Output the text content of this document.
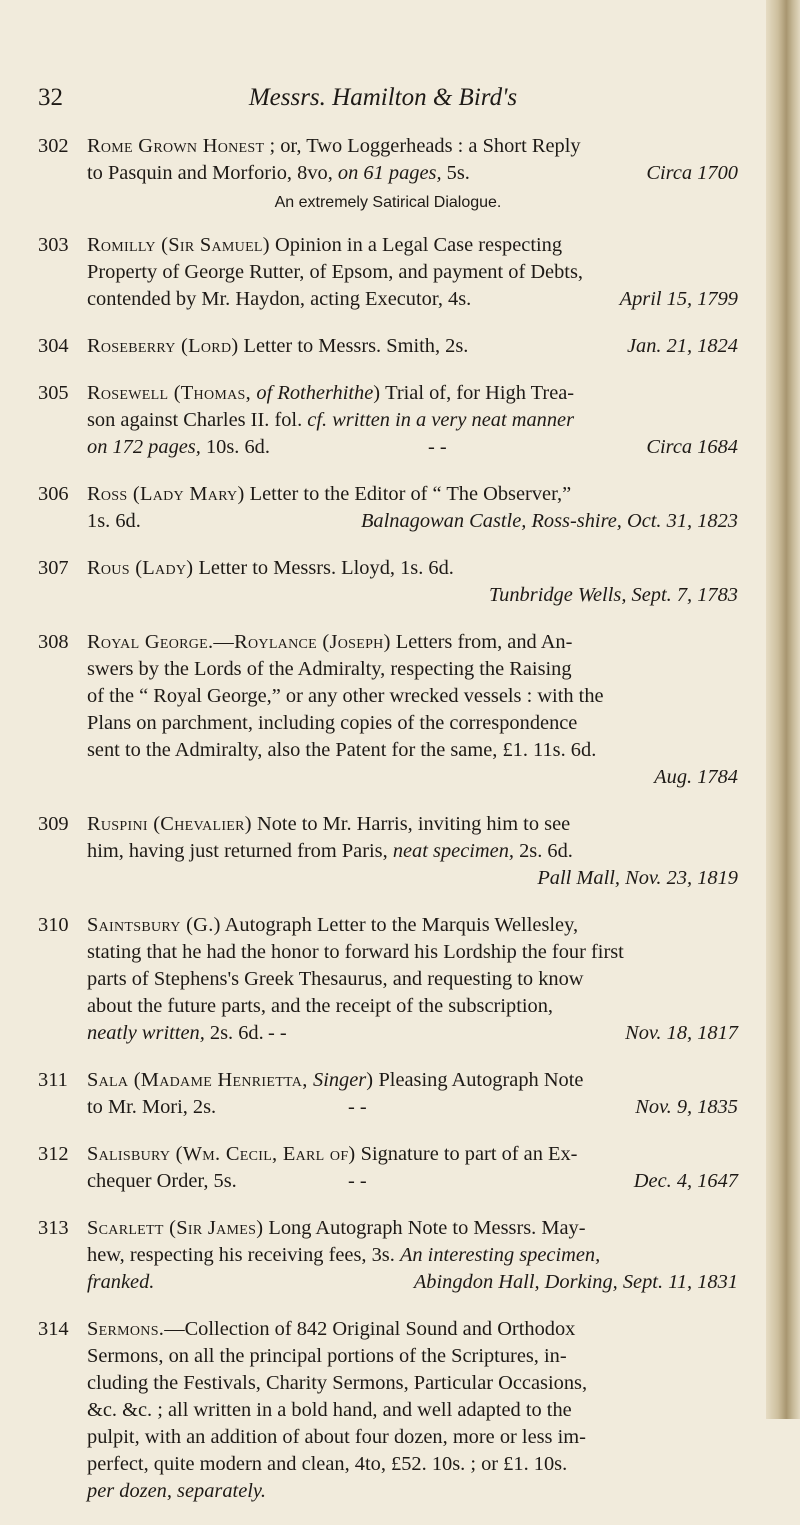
32	Messrs. Hamilton & Bird's
302 Rome Grown Honest ; or, Two Loggerheads : a Short Reply
to Pasquin and Morforio, 8vo, on 61 pages, 5s.	Circa 1700
An extremely Satirical Dialogue.
303 Romilly (Sir Samuel) Opinion in a Legal Case respecting
Property of George Rutter, of Epsom, and payment of Debts,
contended by Mr. Haydon, acting Executor, 4s.	April 15, 1799
304 Roseberry (Lord) Letter to Messrs. Smith, 2s.	Jan. 21, 1824
305 Rosewell (Thomas, of Rotherhithe) Trial of, for High Trea-
son against Charles II. fol. cf. written in a very neat manner
on 172 pages, 10s. 6d.	- -	Circa 1684
306 Ross (Lady Mary) Letter to the Editor of “ The Observer,”
1s. 6d.	Balnagowan Castle, Ross-shire, Oct. 31, 1823
307 Rous (Lady) Letter to Messrs. Lloyd, 1s. 6d.
Tunbridge Wells, Sept. 7, 1783

308 Royal George.—Roylance (Joseph) Letters from, and An-
swers by the Lords of the Admiralty, respecting the Raising
of the “ Royal George,” or any other wrecked vessels : with the
Plans on parchment, including copies of the correspondence
sent to the Admiralty, also the Patent for the same, £1. 11s. 6d.
Aug. 1784

309 Ruspini (Chevalier) Note to Mr. Harris, inviting him to see
him, having just returned from Paris, neat specimen, 2s. 6d.
Pall Mall, Nov. 23, 1819

310 Saintsbury (G.) Autograph Letter to the Marquis Wellesley,
stating that he had the honor to forward his Lordship the four first
parts of Stephens's Greek Thesaurus, and requesting to know
about the future parts, and the receipt of the subscription,
neatly written, 2s. 6d. - -	Nov. 18, 1817
311 Sala (Madame Henrietta, Singer) Pleasing Autograph Note
to Mr. Mori, 2s.	- -	Nov. 9, 1835
312 Salisbury (Wm. Cecil, Earl of) Signature to part of an Ex-
chequer Order, 5s.	- -	Dec. 4, 1647
313 Scarlett (Sir James) Long Autograph Note to Messrs. May-
hew, respecting his receiving fees, 3s. An interesting specimen,
franked.	Abingdon Hall, Dorking, Sept. 11, 1831
314 Sermons.—Collection of 842 Original Sound and Orthodox
Sermons, on all the principal portions of the Scriptures, in-
cluding the Festivals, Charity Sermons, Particular Occasions,
&c. &c. ; all written in a bold hand, and well adapted to the
pulpit, with an addition of about four dozen, more or less im-
perfect, quite modern and clean, 4to, £52. 10s. ; or £1. 10s.
per dozen, separately.
